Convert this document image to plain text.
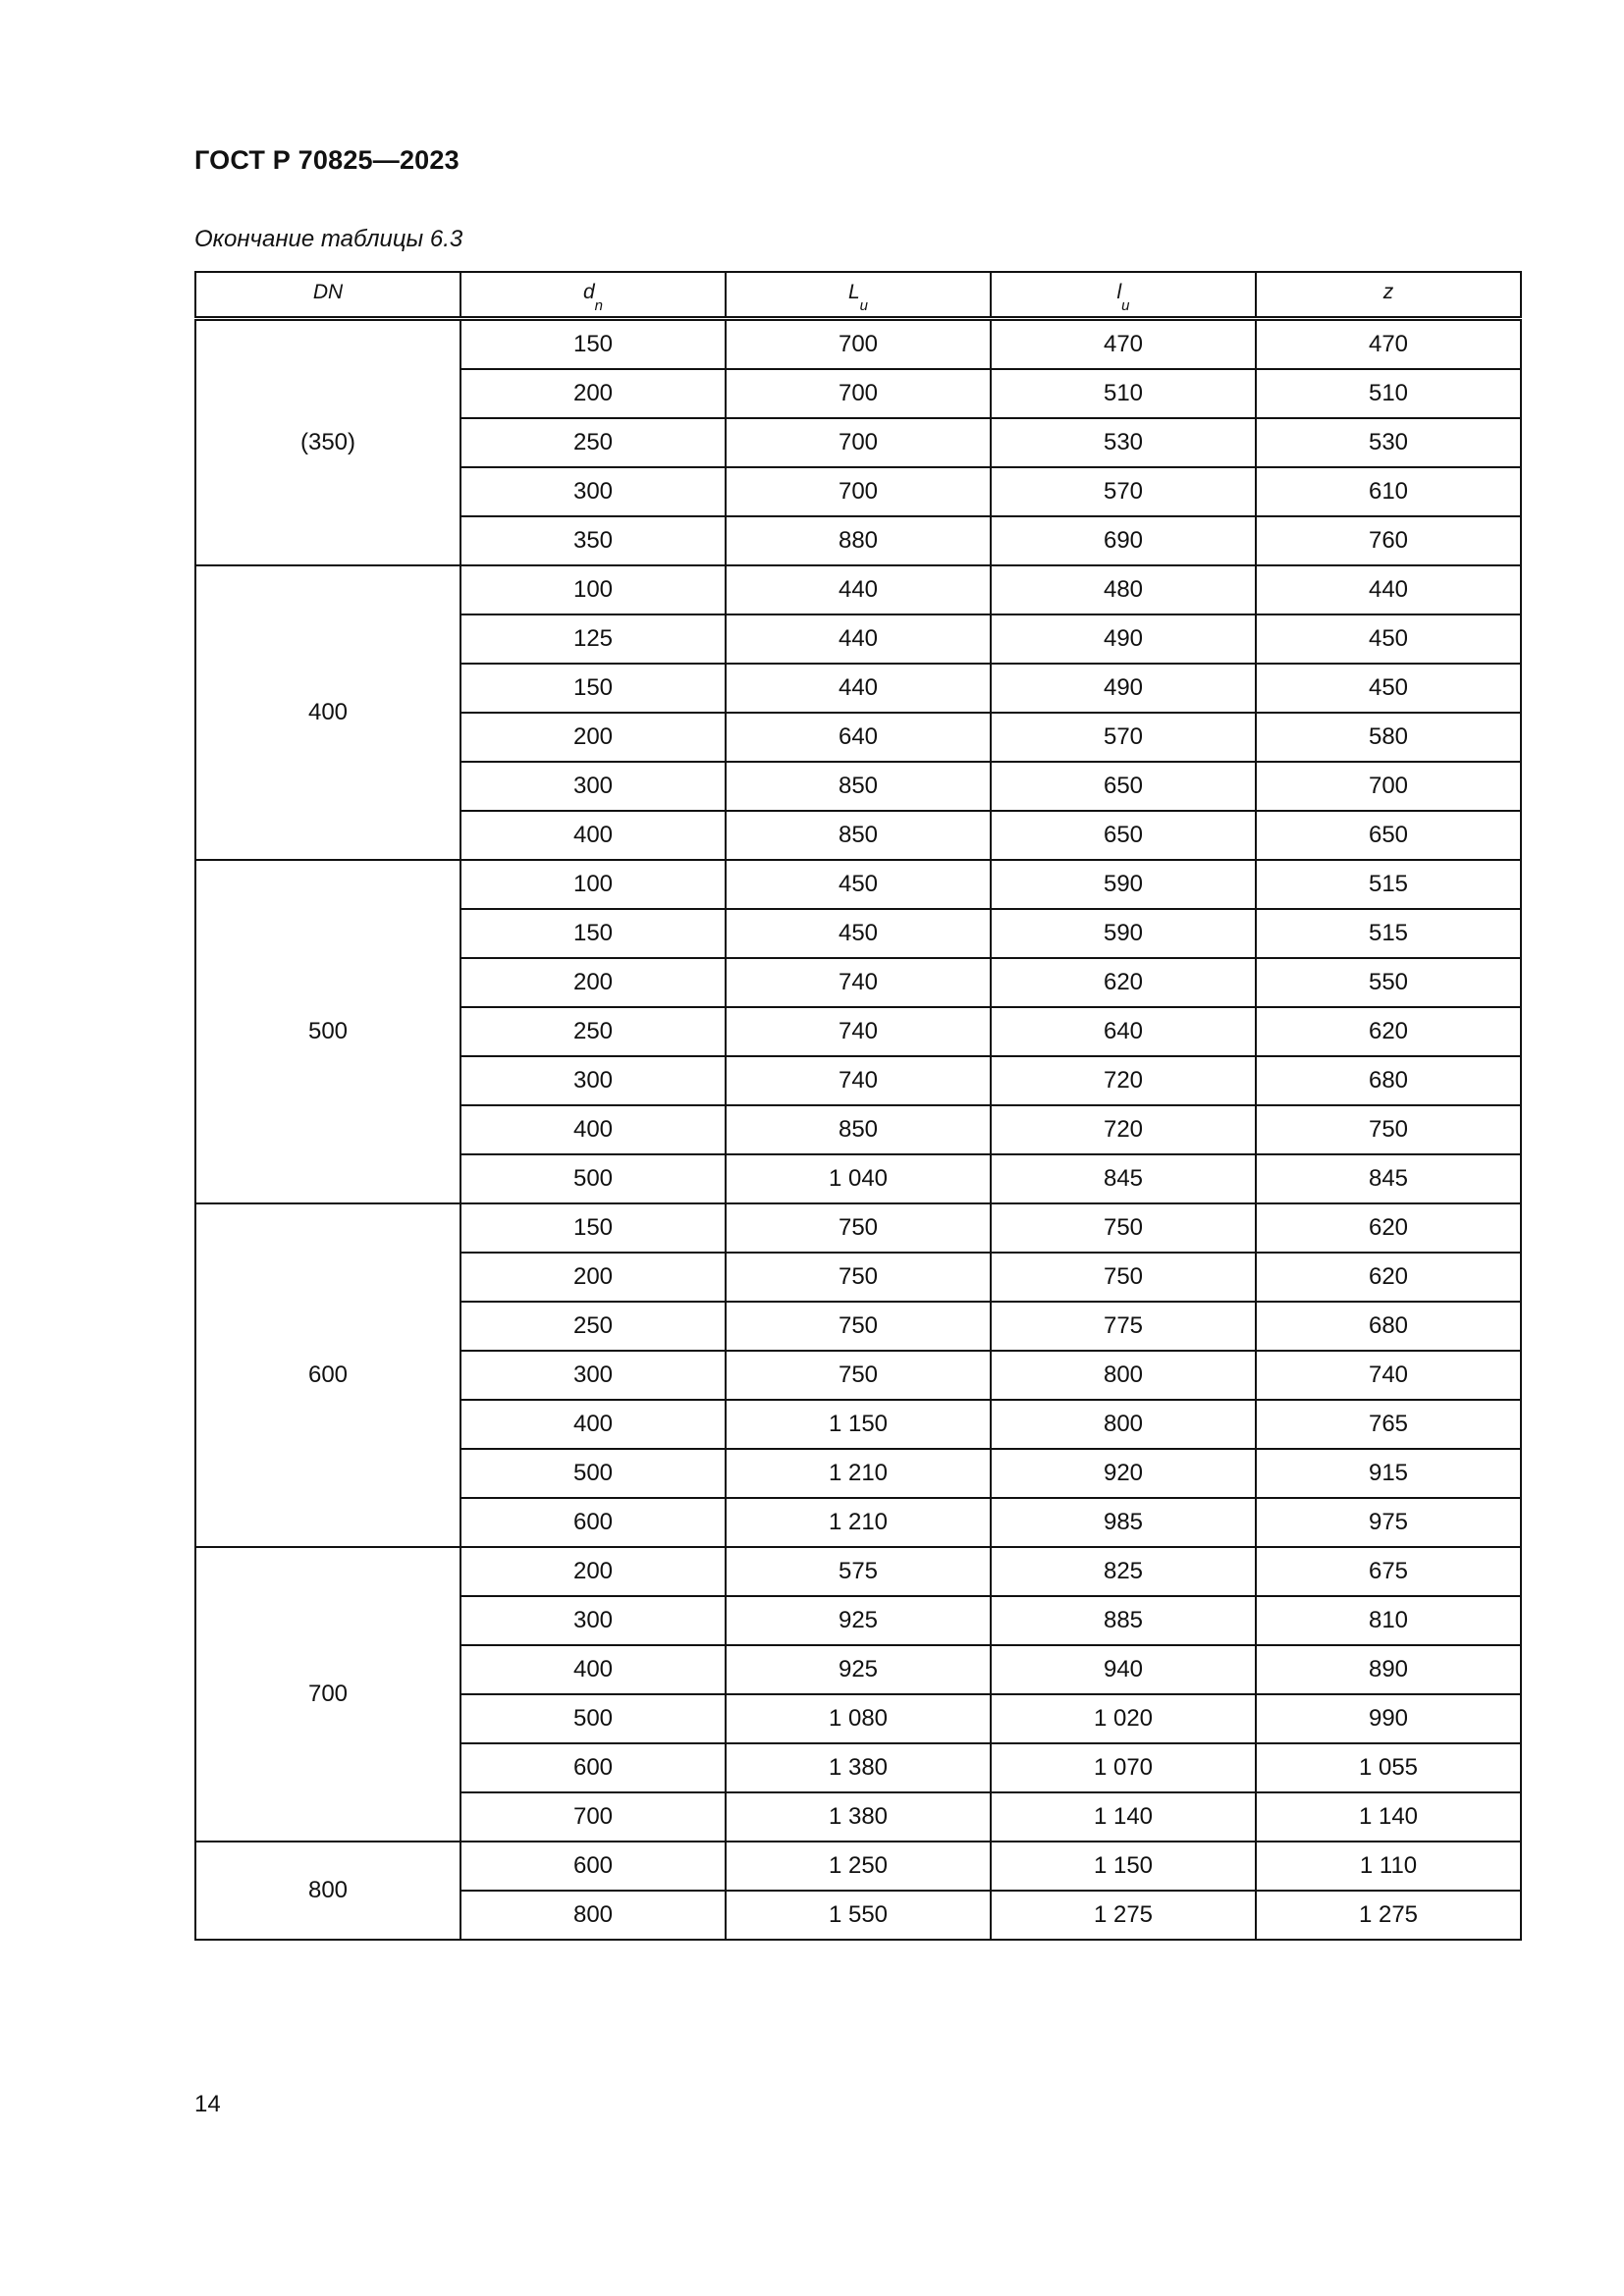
ГОСТ Р 70825—2023
Окончание таблицы 6.3
DN	$d_n$	$L_u$	$l_u$	z
(350)	150	700	470	470
	200	700	510	510
	250	700	530	530
	300	700	570	610
	350	880	690	760
400	100	440	480	440
	125	440	490	450
	150	440	490	450
	200	640	570	580
	300	850	650	700
	400	850	650	650
500	100	450	590	515
	150	450	590	515
	200	740	620	550
	250	740	640	620
	300	740	720	680
	400	850	720	750
	500	1 040	845	845
600	150	750	750	620
	200	750	750	620
	250	750	775	680
	300	750	800	740
	400	1 150	800	765
	500	1 210	920	915
	600	1 210	985	975
700	200	575	825	675
	300	925	885	810
	400	925	940	890
	500	1 080	1 020	990
	600	1 380	1 070	1 055
	700	1 380	1 140	1 140
800	600	1 250	1 150	1 110
	800	1 550	1 275	1 275
14
